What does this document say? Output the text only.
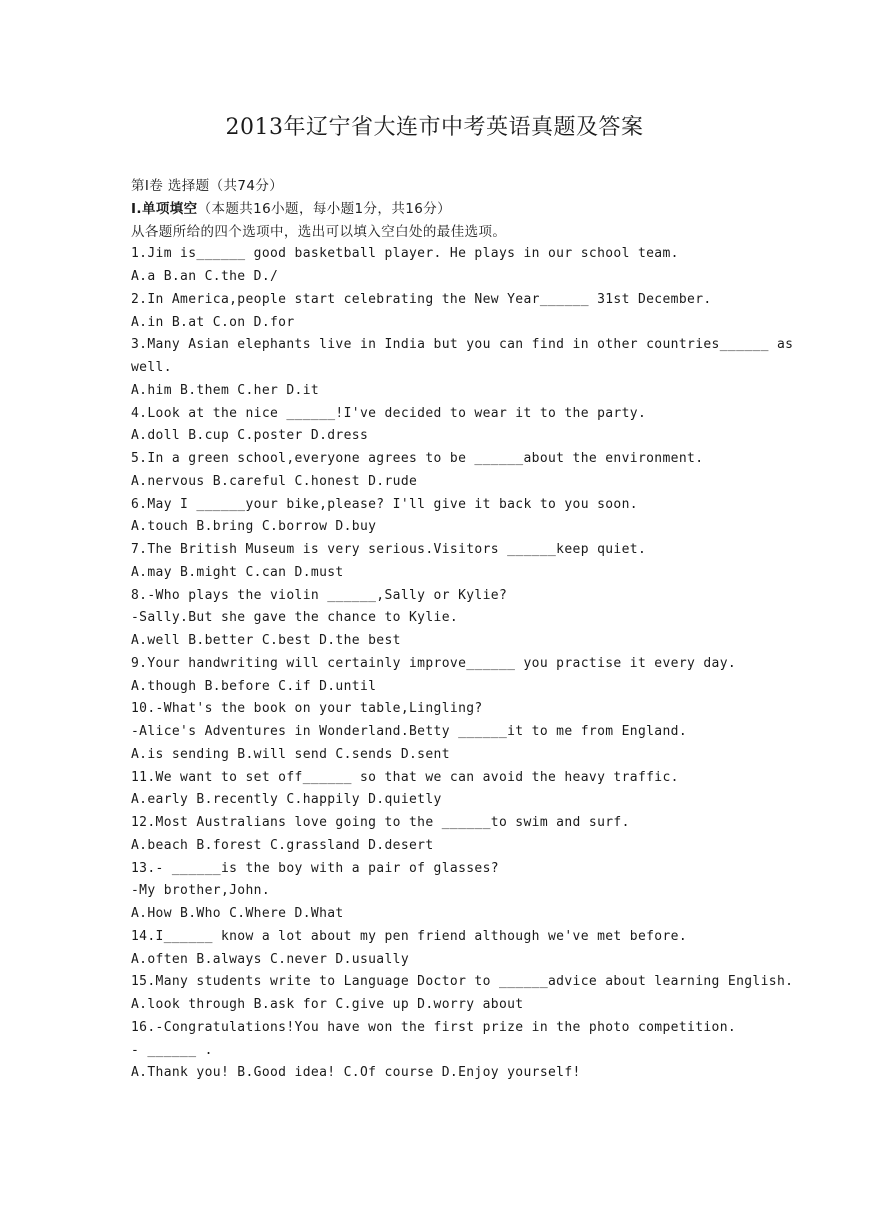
2013年辽宁省大连市中考英语真题及答案
第Ⅰ卷 选择题（共74分）
Ⅰ.单项填空（本题共16小题，每小题1分，共16分）
从各题所给的四个选项中，选出可以填入空白处的最佳选项。
1.Jim is______ good basketball player. He plays in our school team.
A.a B.an C.the D./
2.In America,people start celebrating the New Year______ 31st December.
A.in B.at C.on D.for
3.Many Asian elephants live in India but you can find in other countries______ as
well.
A.him B.them C.her D.it
4.Look at the nice ______!I've decided to wear it to the party.
A.doll B.cup C.poster D.dress
5.In a green school,everyone agrees to be ______about the environment.
A.nervous B.careful C.honest D.rude
6.May I ______your bike,please? I'll give it back to you soon.
A.touch B.bring C.borrow D.buy
7.The British Museum is very serious.Visitors ______keep quiet.
A.may B.might C.can D.must
8.-Who plays the violin ______,Sally or Kylie?
-Sally.But she gave the chance to Kylie.
A.well B.better C.best D.the best
9.Your handwriting will certainly improve______ you practise it every day.
A.though B.before C.if D.until
10.-What's the book on your table,Lingling?
-Alice's Adventures in Wonderland.Betty ______it to me from England.
A.is sending B.will send C.sends D.sent
11.We want to set off______ so that we can avoid the heavy traffic.
A.early B.recently C.happily D.quietly
12.Most Australians love going to the ______to swim and surf.
A.beach B.forest C.grassland D.desert
13.- ______is the boy with a pair of glasses?
-My brother,John.
A.How B.Who C.Where D.What
14.I______ know a lot about my pen friend although we've met before.
A.often B.always C.never D.usually
15.Many students write to Language Doctor to ______advice about learning English.
A.look through B.ask for C.give up D.worry about
16.-Congratulations!You have won the first prize in the photo competition.
- ______ .
A.Thank you! B.Good idea! C.Of course D.Enjoy yourself!
